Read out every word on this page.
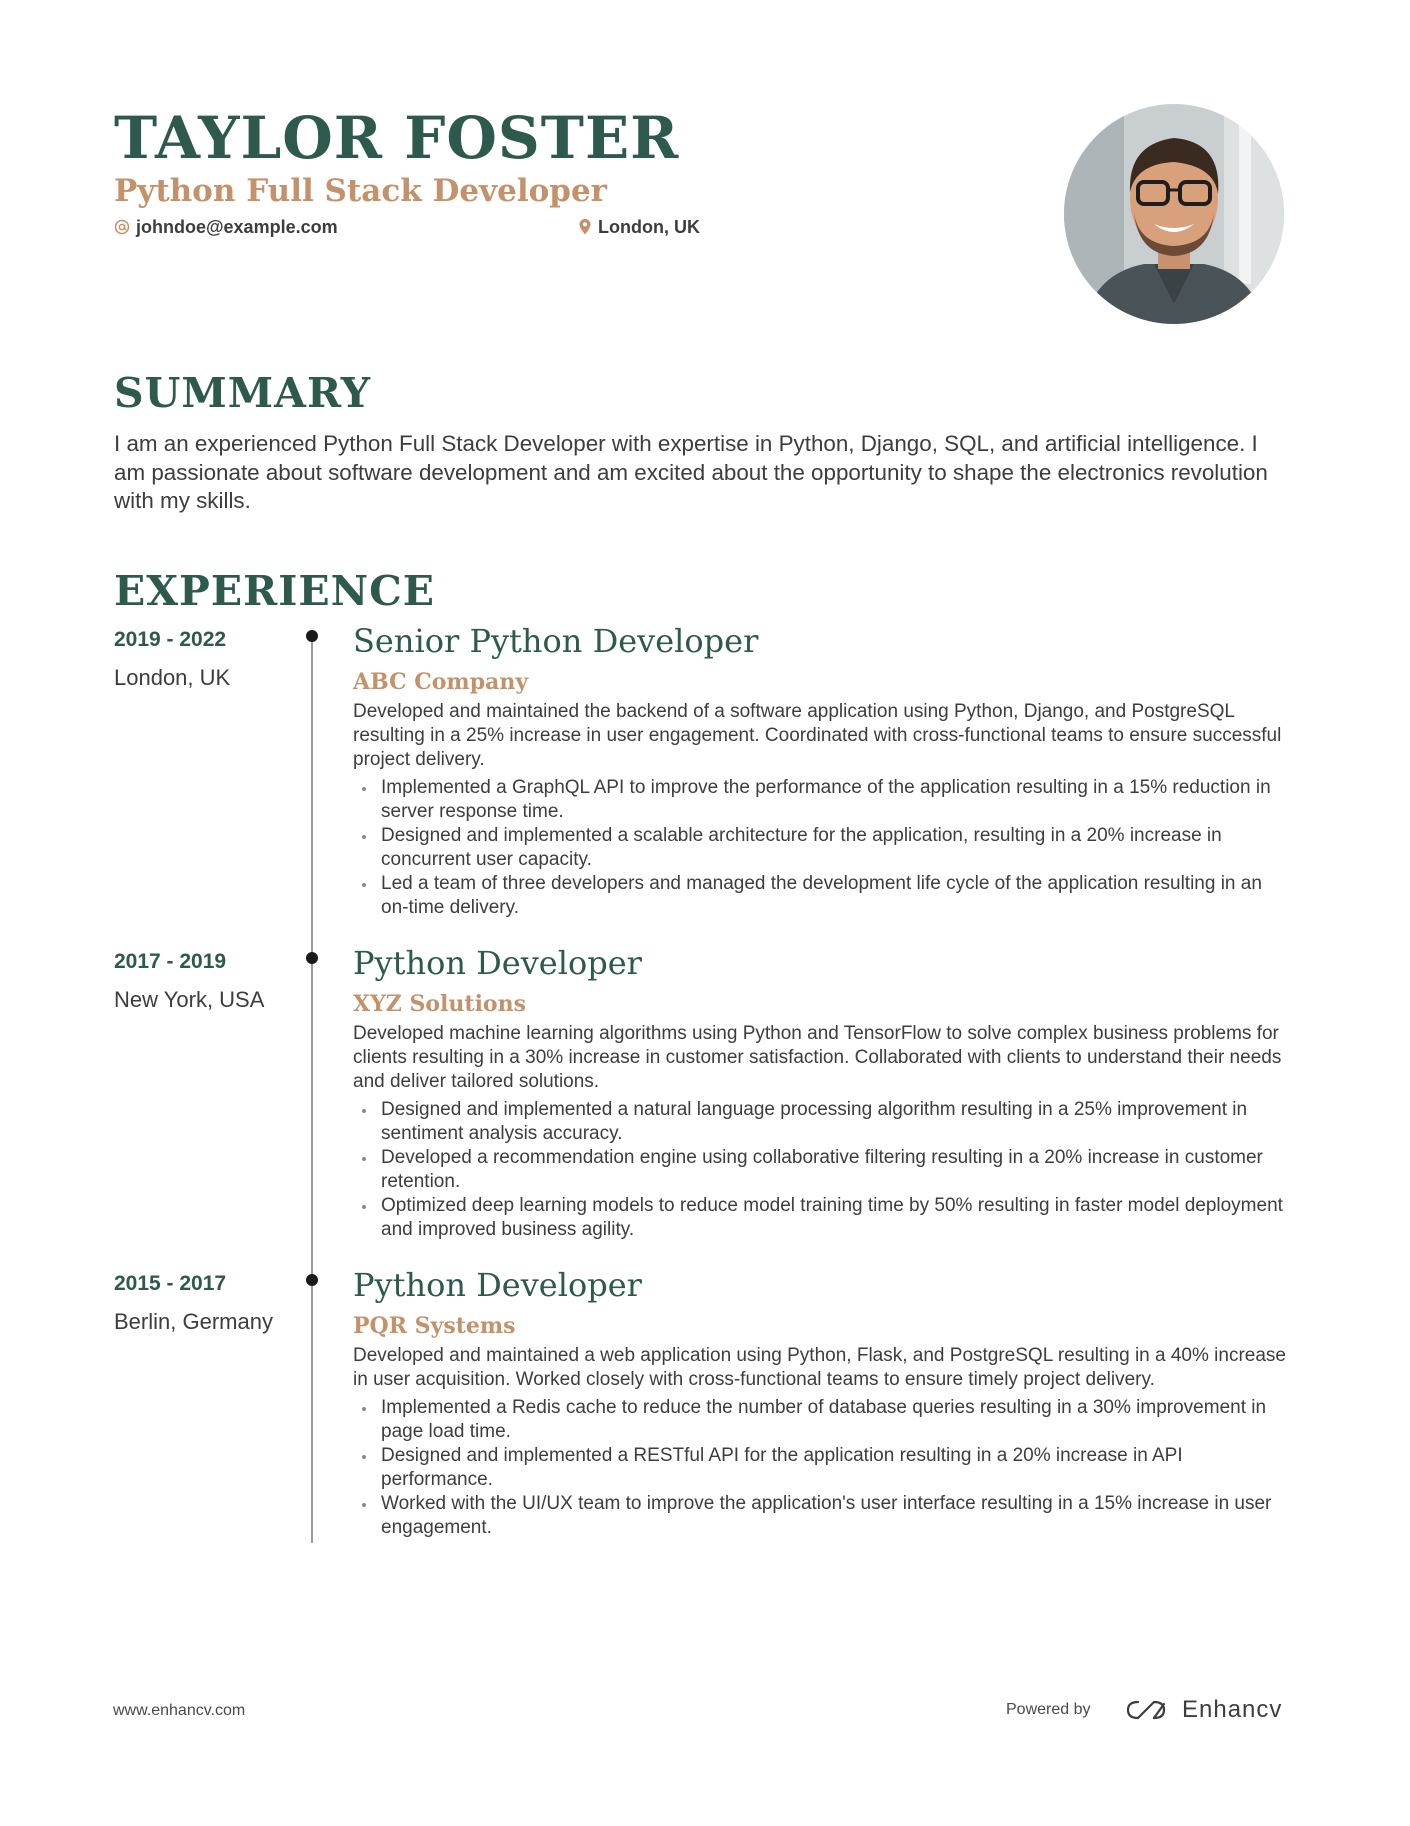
TAYLOR FOSTER
Python Full Stack Developer
johndoe@example.com	London, UK
SUMMARY

I am an experienced Python Full Stack Developer with expertise in Python, Django, SQL, and artificial intelligence. I am passionate about software development and am excited about the opportunity to shape the electronics revolution with my skills.

EXPERIENCE
2019 - 2022
London, UK
Senior Python Developer
ABC Company

Developed and maintained the backend of a software application using Python, Django, and PostgreSQL resulting in a 25% increase in user engagement. Coordinated with cross-functional teams to ensure successful project delivery.

Implemented a GraphQL API to improve the performance of the application resulting in a 15% reduction in server response time.
Designed and implemented a scalable architecture for the application, resulting in a 20% increase in concurrent user capacity.
Led a team of three developers and managed the development life cycle of the application resulting in an on-time delivery.
2017 - 2019
New York, USA
Python Developer
XYZ Solutions

Developed machine learning algorithms using Python and TensorFlow to solve complex business problems for clients resulting in a 30% increase in customer satisfaction. Collaborated with clients to understand their needs and deliver tailored solutions.

Designed and implemented a natural language processing algorithm resulting in a 25% improvement in sentiment analysis accuracy.
Developed a recommendation engine using collaborative filtering resulting in a 20% increase in customer retention.
Optimized deep learning models to reduce model training time by 50% resulting in faster model deployment and improved business agility.
2015 - 2017
Berlin, Germany
Python Developer
PQR Systems

Developed and maintained a web application using Python, Flask, and PostgreSQL resulting in a 40% increase in user acquisition. Worked closely with cross-functional teams to ensure timely project delivery.

Implemented a Redis cache to reduce the number of database queries resulting in a 30% improvement in page load time.
Designed and implemented a RESTful API for the application resulting in a 20% increase in API performance.
Worked with the UI/UX team to improve the application's user interface resulting in a 15% increase in user engagement.
www.enhancv.com	Powered by	Enhancv
